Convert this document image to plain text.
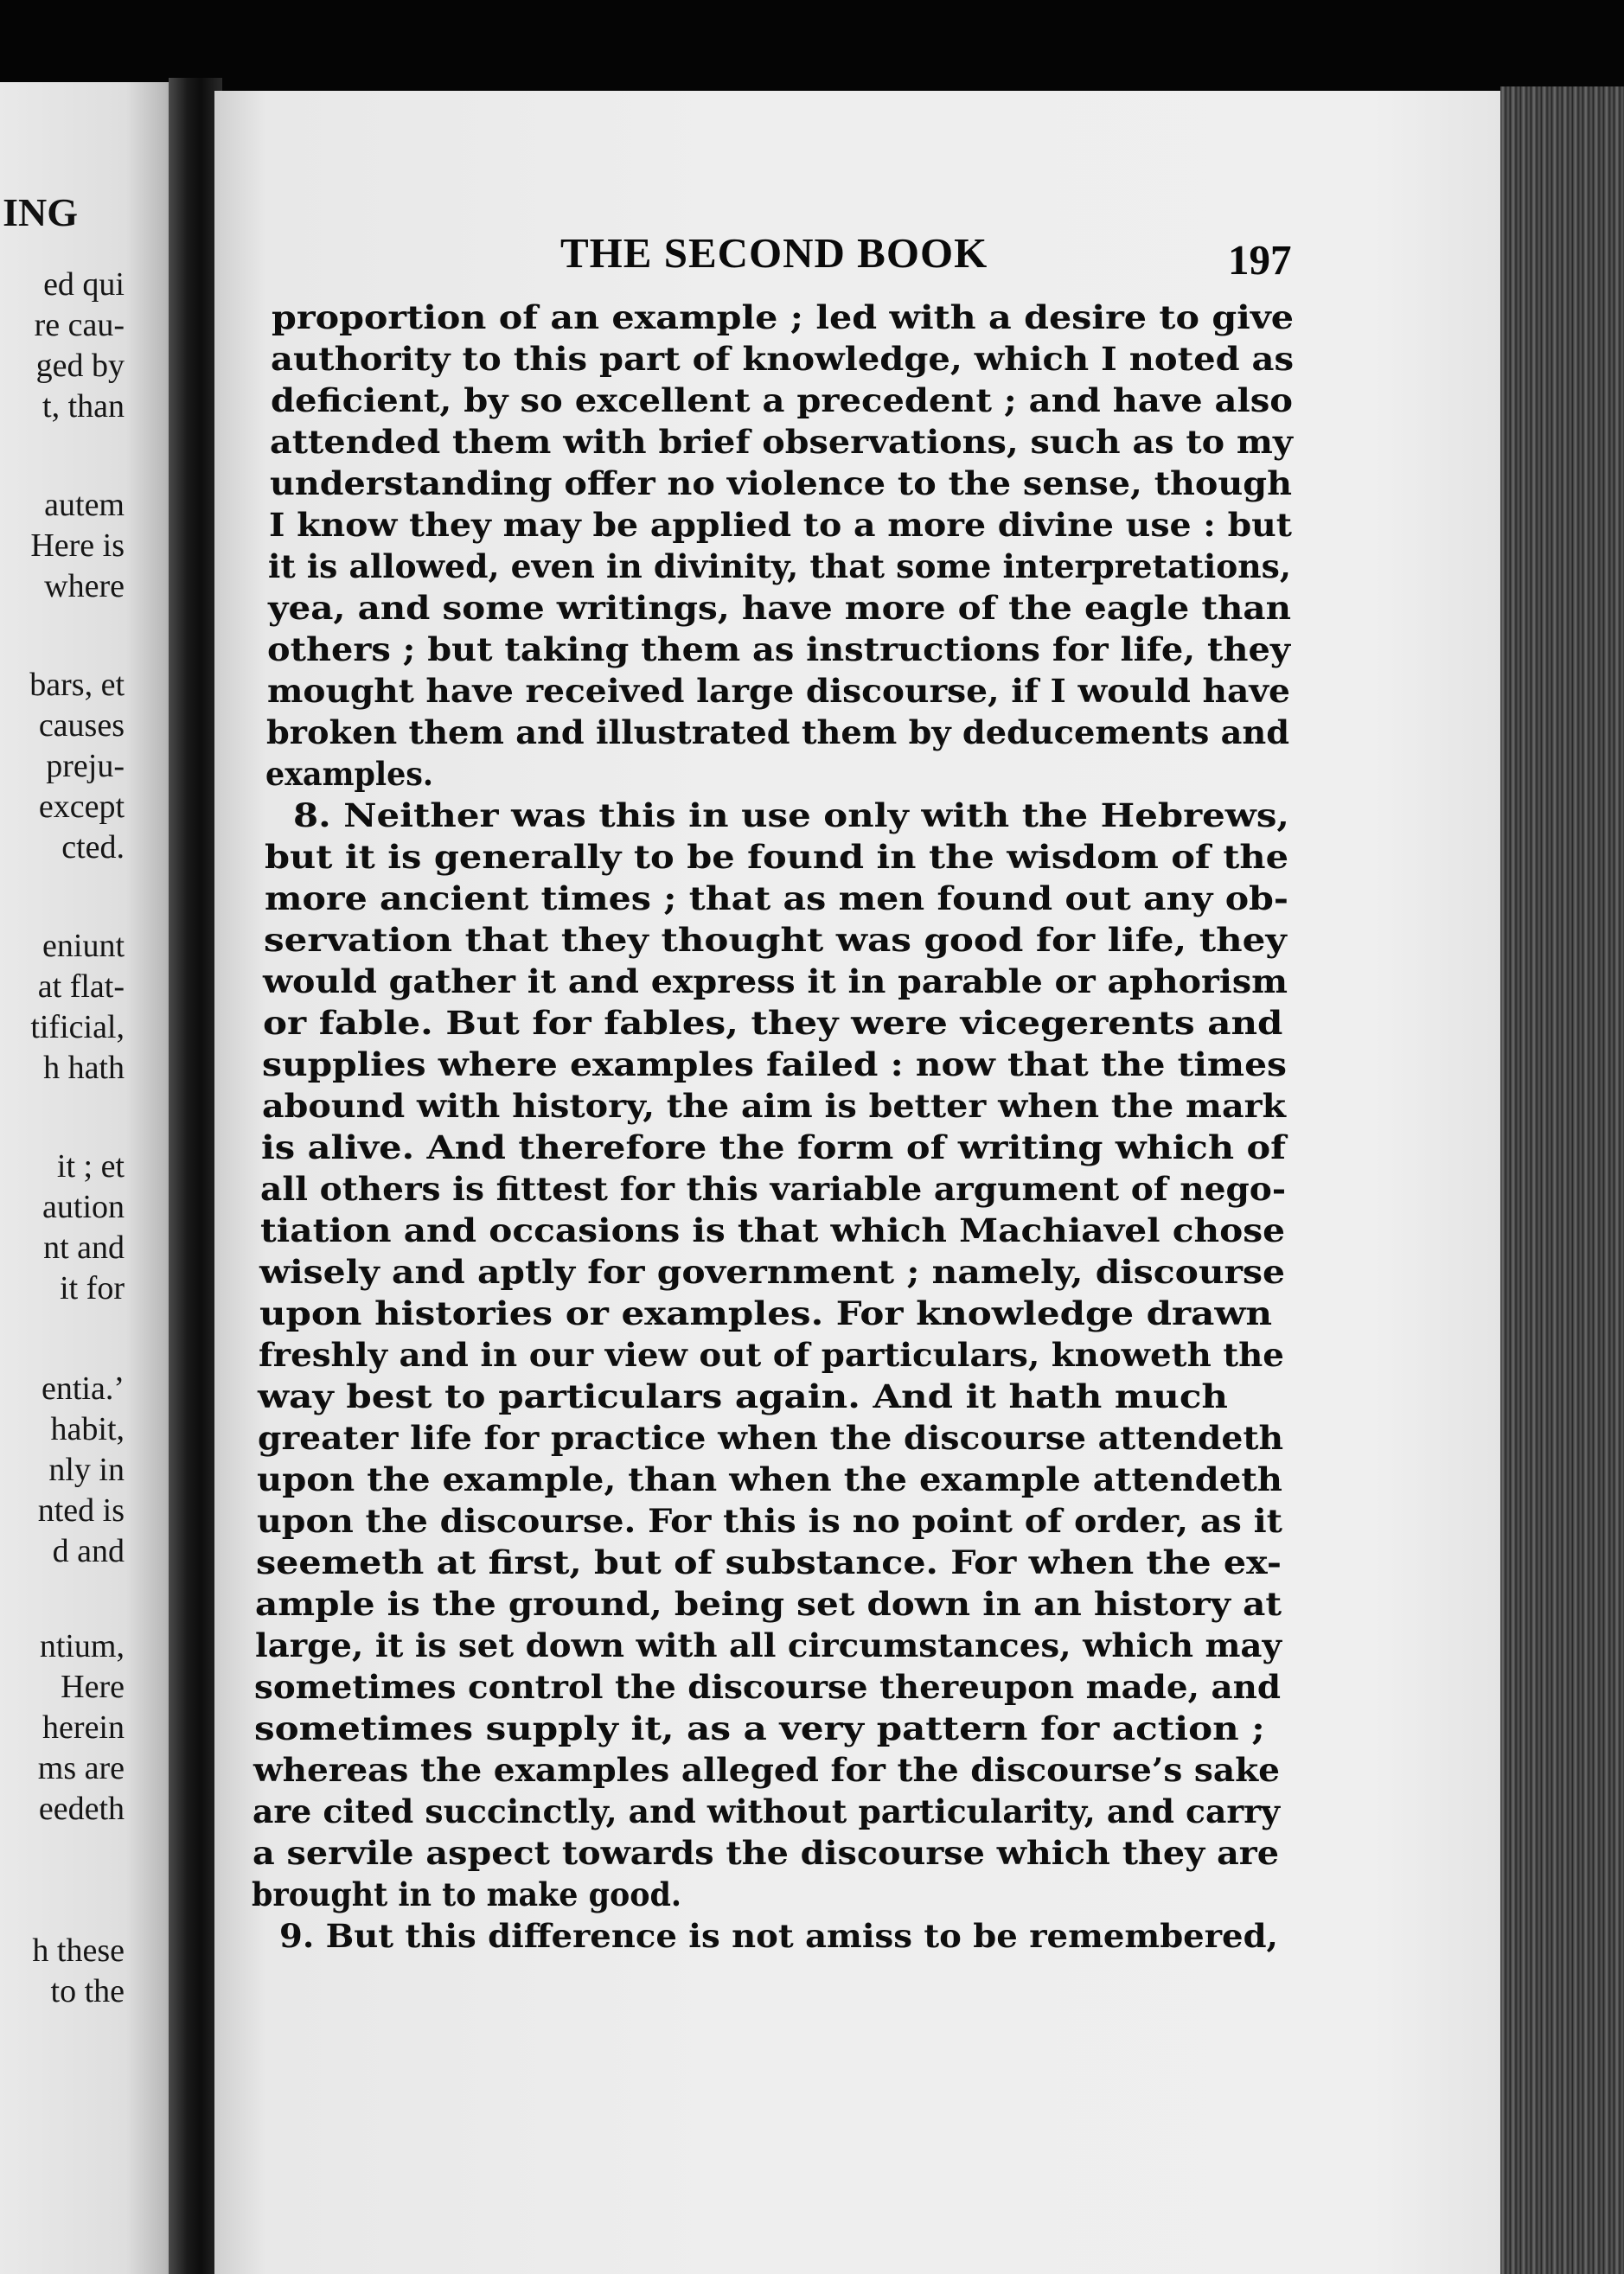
ING
ed qui
re cau-
ged by
t, than
autem
Here is
where
bars, et
causes
preju-
except
cted.
eniunt
at flat-
tificial,
h hath
it ; et
aution
nt and
it for
entia.’
habit,
nly in
nted is
d and
ntium,
Here
herein
ms are
eedeth
h these
to the
THE SECOND BOOK	197
proportion of an example ; led with a desire to give
authority to this part of knowledge, which I noted as
deficient, by so excellent a precedent ; and have also
attended them with brief observations, such as to my
understanding offer no violence to the sense, though
I know they may be applied to a more divine use : but
it is allowed, even in divinity, that some interpretations,
yea, and some writings, have more of the eagle than
others ; but taking them as instructions for life, they
mought have received large discourse, if I would have
broken them and illustrated them by deducements and
examples.
8. Neither was this in use only with the Hebrews,
but it is generally to be found in the wisdom of the
more ancient times ; that as men found out any ob-
servation that they thought was good for life, they
would gather it and express it in parable or aphorism
or fable. But for fables, they were vicegerents and
supplies where examples failed : now that the times
abound with history, the aim is better when the mark
is alive. And therefore the form of writing which of
all others is fittest for this variable argument of nego-
tiation and occasions is that which Machiavel chose
wisely and aptly for government ; namely, discourse
upon histories or examples. For knowledge drawn
freshly and in our view out of particulars, knoweth the
way best to particulars again. And it hath much
greater life for practice when the discourse attendeth
upon the example, than when the example attendeth
upon the discourse. For this is no point of order, as it
seemeth at first, but of substance. For when the ex-
ample is the ground, being set down in an history at
large, it is set down with all circumstances, which may
sometimes control the discourse thereupon made, and
sometimes supply it, as a very pattern for action ;
whereas the examples alleged for the discourse’s sake
are cited succinctly, and without particularity, and carry
a servile aspect towards the discourse which they are
brought in to make good.
9. But this difference is not amiss to be remembered,
